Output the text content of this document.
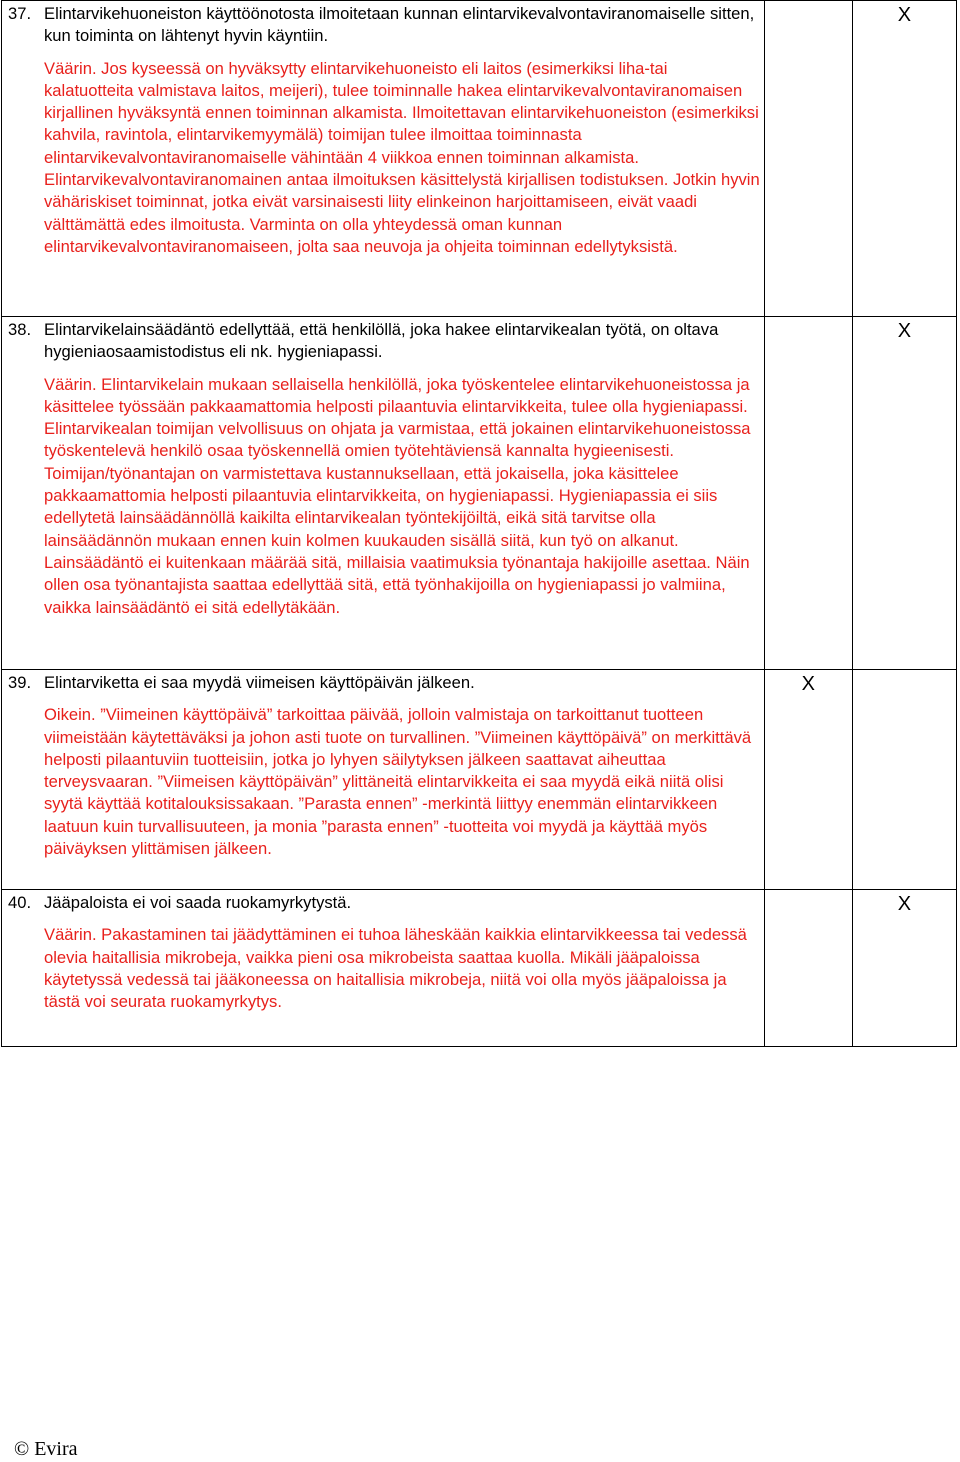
37. Elintarvikehuoneiston käyttöönotosta ilmoitetaan kunnan elintarvikevalvontaviranomaiselle sitten, kun toiminta on lähtenyt hyvin käyntiin.
Väärin. Jos kyseessä on hyväksytty elintarvikehuoneisto eli laitos (esimerkiksi liha-tai kalatuotteita valmistava laitos, meijeri), tulee toiminnalle hakea elintarvikevalvontaviranomaisen kirjallinen hyväksyntä ennen toiminnan alkamista. Ilmoitettavan elintarvikehuoneiston (esimerkiksi kahvila, ravintola, elintarvikemyymälä) toimijan tulee ilmoittaa toiminnasta elintarvikevalvontaviranomaiselle vähintään 4 viikkoa ennen toiminnan alkamista. Elintarvikevalvontaviranomainen antaa ilmoituksen käsittelystä kirjallisen todistuksen. Jotkin hyvin vähäriskiset toiminnat, jotka eivät varsinaisesti liity elinkeinon harjoittamiseen, eivät vaadi välttämättä edes ilmoitusta. Varminta on olla yhteydessä oman kunnan elintarvikevalvontaviranomaiseen, jolta saa neuvoja ja ohjeita toiminnan edellytyksistä.		X

38. Elintarvikelainsäädäntö edellyttää, että henkilöllä, joka hakee elintarvikealan työtä, on oltava hygieniaosaamistodistus eli nk. hygieniapassi.
Väärin. Elintarvikelain mukaan sellaisella henkilöllä, joka työskentelee elintarvikehuoneistossa ja käsittelee työssään pakkaamattomia helposti pilaantuvia elintarvikkeita, tulee olla hygieniapassi. Elintarvikealan toimijan velvollisuus on ohjata ja varmistaa, että jokainen elintarvikehuoneistossa työskentelevä henkilö osaa työskennellä omien työtehtäviensä kannalta hygieenisesti. Toimijan/työnantajan on varmistettava kustannuksellaan, että jokaisella, joka käsittelee pakkaamattomia helposti pilaantuvia elintarvikkeita, on hygieniapassi. Hygieniapassia ei siis edellytetä lainsäädännöllä kaikilta elintarvikealan työntekijöiltä, eikä sitä tarvitse olla lainsäädännön mukaan ennen kuin kolmen kuukauden sisällä siitä, kun työ on alkanut. Lainsäädäntö ei kuitenkaan määrää sitä, millaisia vaatimuksia työnantaja hakijoille asettaa. Näin ollen osa työnantajista saattaa edellyttää sitä, että työnhakijoilla on hygieniapassi jo valmiina, vaikka lainsäädäntö ei sitä edellytäkään.		X

39. Elintarviketta ei saa myydä viimeisen käyttöpäivän jälkeen.
Oikein. ”Viimeinen käyttöpäivä” tarkoittaa päivää, jolloin valmistaja on tarkoittanut tuotteen viimeistään käytettäväksi ja johon asti tuote on turvallinen. ”Viimeinen käyttöpäivä” on merkittävä helposti pilaantuviin tuotteisiin, jotka jo lyhyen säilytyksen jälkeen saattavat aiheuttaa terveysvaaran. ”Viimeisen käyttöpäivän” ylittäneitä elintarvikkeita ei saa myydä eikä niitä olisi syytä käyttää kotitalouksissakaan. ”Parasta ennen” -merkintä liittyy enemmän elintarvikkeen laatuun kuin turvallisuuteen, ja monia ”parasta ennen” -tuotteita voi myydä ja käyttää myös päiväyksen ylittämisen jälkeen.	X	

40. Jääpaloista ei voi saada ruokamyrkytystä.
Väärin. Pakastaminen tai jäädyttäminen ei tuhoa läheskään kaikkia elintarvikkeessa tai vedessä olevia haitallisia mikrobeja, vaikka pieni osa mikrobeista saattaa kuolla. Mikäli jääpaloissa käytetyssä vedessä tai jääkoneessa on haitallisia mikrobeja, niitä voi olla myös jääpaloissa ja tästä voi seurata ruokamyrkytys.		X
© Evira
